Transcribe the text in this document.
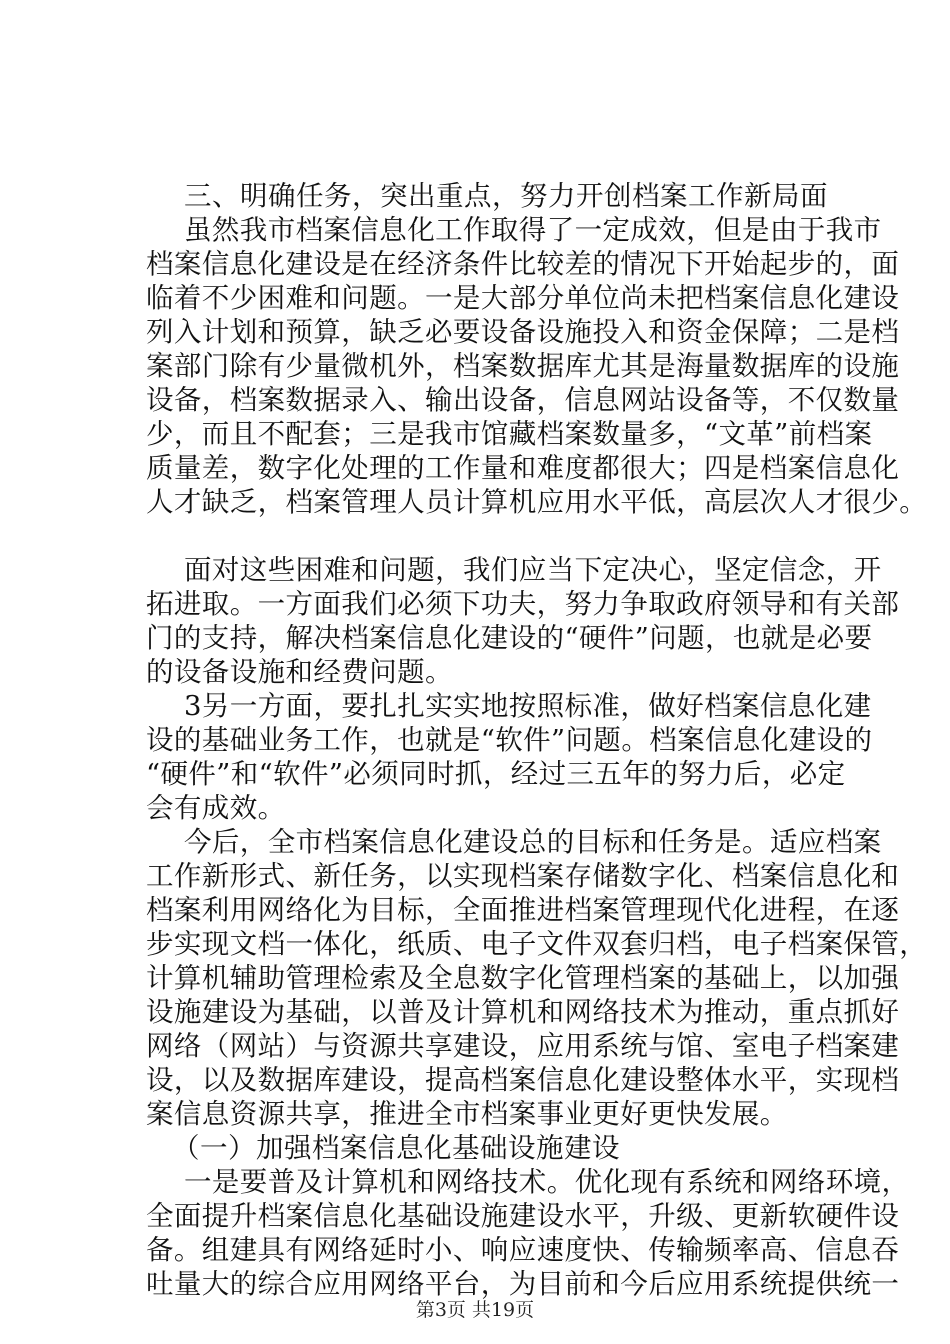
三、明确任务，突出重点，努力开创档案工作新局面

虽然我市档案信息化工作取得了一定成效，但是由于我市

档案信息化建设是在经济条件比较差的情况下开始起步的，面

临着不少困难和问题。一是大部分单位尚未把档案信息化建设

列入计划和预算，缺乏必要设备设施投入和资金保障；二是档

案部门除有少量微机外，档案数据库尤其是海量数据库的设施

设备，档案数据录入、输出设备，信息网站设备等，不仅数量

少，而且不配套；三是我市馆藏档案数量多，“文革”前档案

质量差，数字化处理的工作量和难度都很大；四是档案信息化

人才缺乏，档案管理人员计算机应用水平低，高层次人才很少。

面对这些困难和问题，我们应当下定决心，坚定信念，开

拓进取。一方面我们必须下功夫，努力争取政府领导和有关部

门的支持，解决档案信息化建设的“硬件”问题，也就是必要

的设备设施和经费问题。

3另一方面，要扎扎实实地按照标准，做好档案信息化建

设的基础业务工作，也就是“软件”问题。档案信息化建设的

“硬件”和“软件”必须同时抓，经过三五年的努力后，必定

会有成效。

今后，全市档案信息化建设总的目标和任务是。适应档案

工作新形式、新任务，以实现档案存储数字化、档案信息化和

档案利用网络化为目标，全面推进档案管理现代化进程，在逐

步实现文档一体化，纸质、电子文件双套归档，电子档案保管，

计算机辅助管理检索及全息数字化管理档案的基础上，以加强

设施建设为基础，以普及计算机和网络技术为推动，重点抓好

网络（网站）与资源共享建设，应用系统与馆、室电子档案建

设，以及数据库建设，提高档案信息化建设整体水平，实现档

案信息资源共享，推进全市档案事业更好更快发展。

（一）加强档案信息化基础设施建设

一是要普及计算机和网络技术。优化现有系统和网络环境，

全面提升档案信息化基础设施建设水平，升级、更新软硬件设

备。组建具有网络延时小、响应速度快、传输频率高、信息吞

吐量大的综合应用网络平台，为目前和今后应用系统提供统一

第3页 共19页
